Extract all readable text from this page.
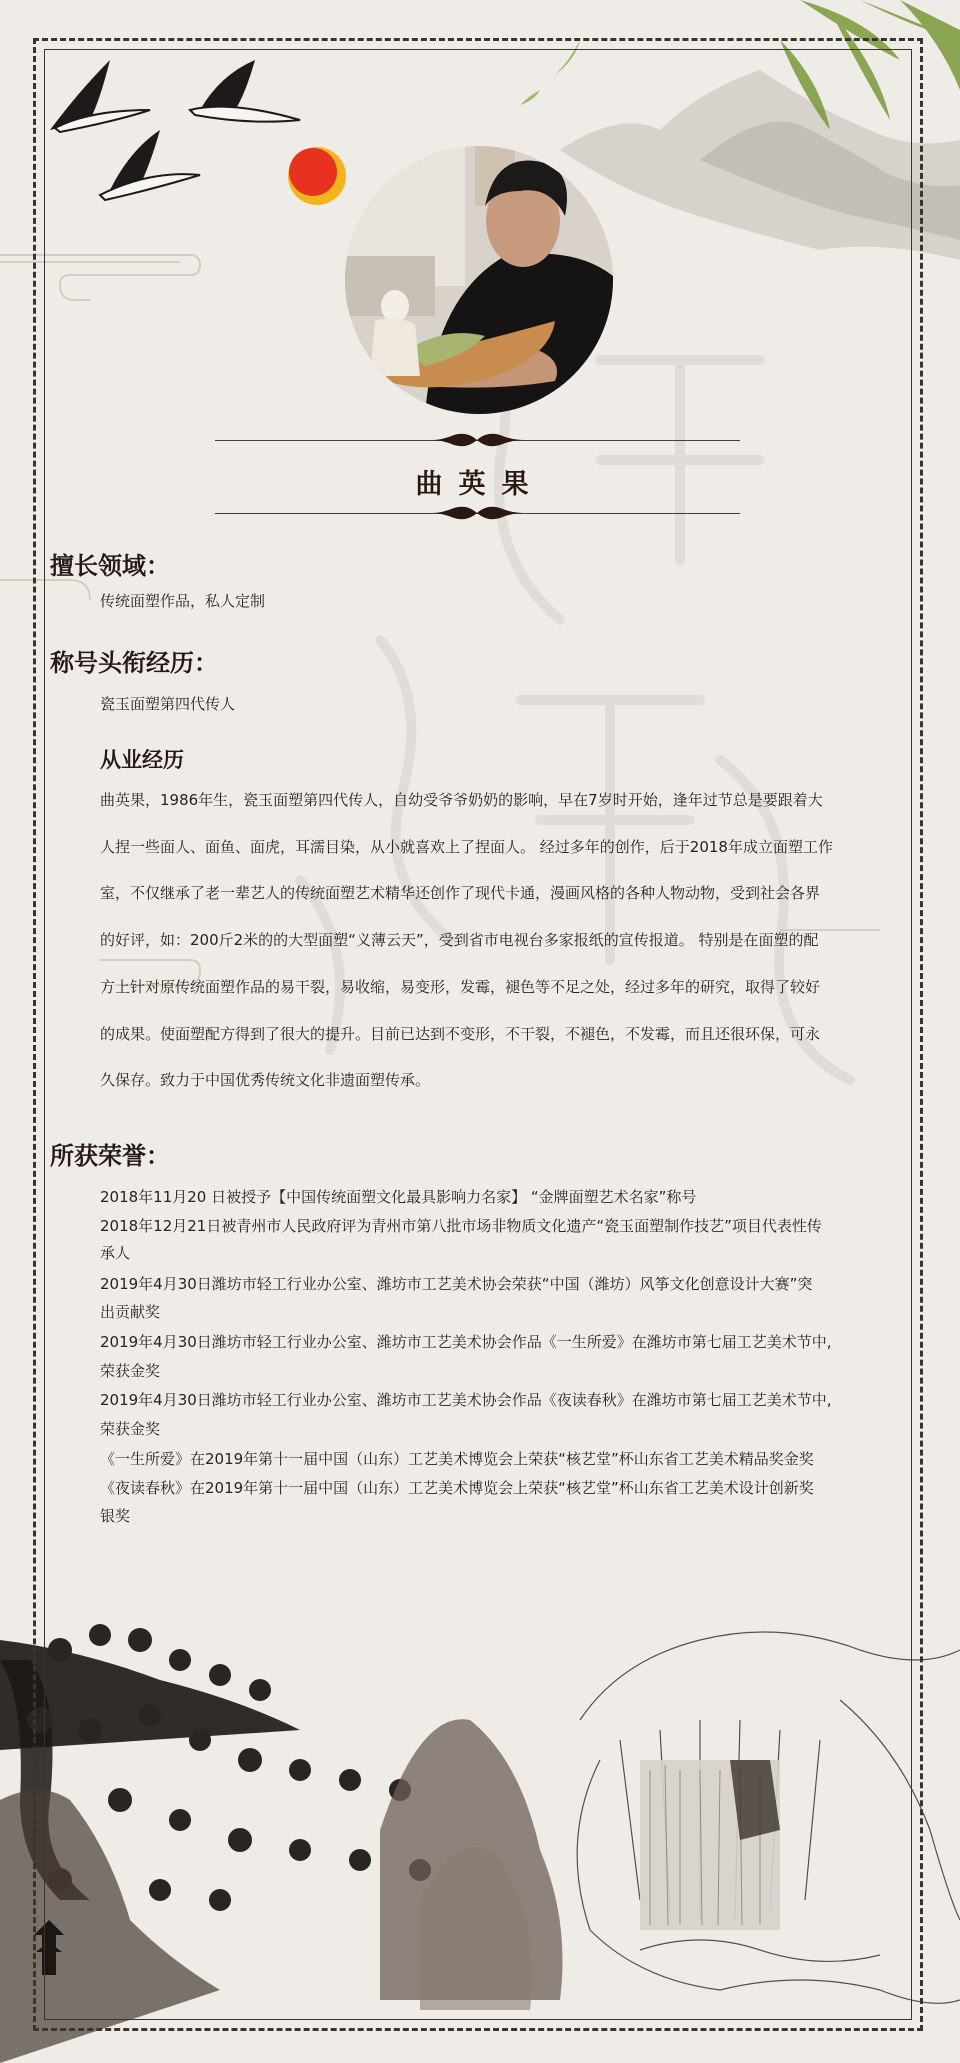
曲英果
擅长领域：
传统面塑作品，私人定制
称号头衔经历：
瓷玉面塑第四代传人
从业经历
曲英果，1986年生，瓷玉面塑第四代传人，自幼受爷爷奶奶的影响，早在7岁时开始，逢年过节总是要跟着大
人捏一些面人、面鱼、面虎，耳濡目染，从小就喜欢上了捏面人。 经过多年的创作，后于2018年成立面塑工作
室，不仅继承了老一辈艺人的传统面塑艺术精华还创作了现代卡通，漫画风格的各种人物动物，受到社会各界
的好评，如：200斤2米的的大型面塑“义薄云天”，受到省市电视台多家报纸的宣传报道。 特别是在面塑的配
方上针对原传统面塑作品的易干裂，易收缩，易变形，发霉，褪色等不足之处，经过多年的研究，取得了较好
的成果。使面塑配方得到了很大的提升。目前已达到不变形，不干裂，不褪色，不发霉，而且还很环保，可永
久保存。致力于中国优秀传统文化非遗面塑传承。
所获荣誉：
2018年11月20 日被授予【中国传统面塑文化最具影响力名家】 “金牌面塑艺术名家”称号
2018年12月21日被青州市人民政府评为青州市第八批市场非物质文化遗产“瓷玉面塑制作技艺”项目代表性传
承人
2019年4月30日潍坊市轻工行业办公室、潍坊市工艺美术协会荣获“中国（潍坊）风筝文化创意设计大赛”突
出贡献奖
2019年4月30日潍坊市轻工行业办公室、潍坊市工艺美术协会作品《一生所爱》在潍坊市第七届工艺美术节中,
荣获金奖
2019年4月30日潍坊市轻工行业办公室、潍坊市工艺美术协会作品《夜读春秋》在潍坊市第七届工艺美术节中,
荣获金奖
《一生所爱》在2019年第十一届中国（山东）工艺美术博览会上荣获“核艺堂”杯山东省工艺美术精品奖金奖
《夜读春秋》在2019年第十一届中国（山东）工艺美术博览会上荣获“核艺堂”杯山东省工艺美术设计创新奖
银奖
